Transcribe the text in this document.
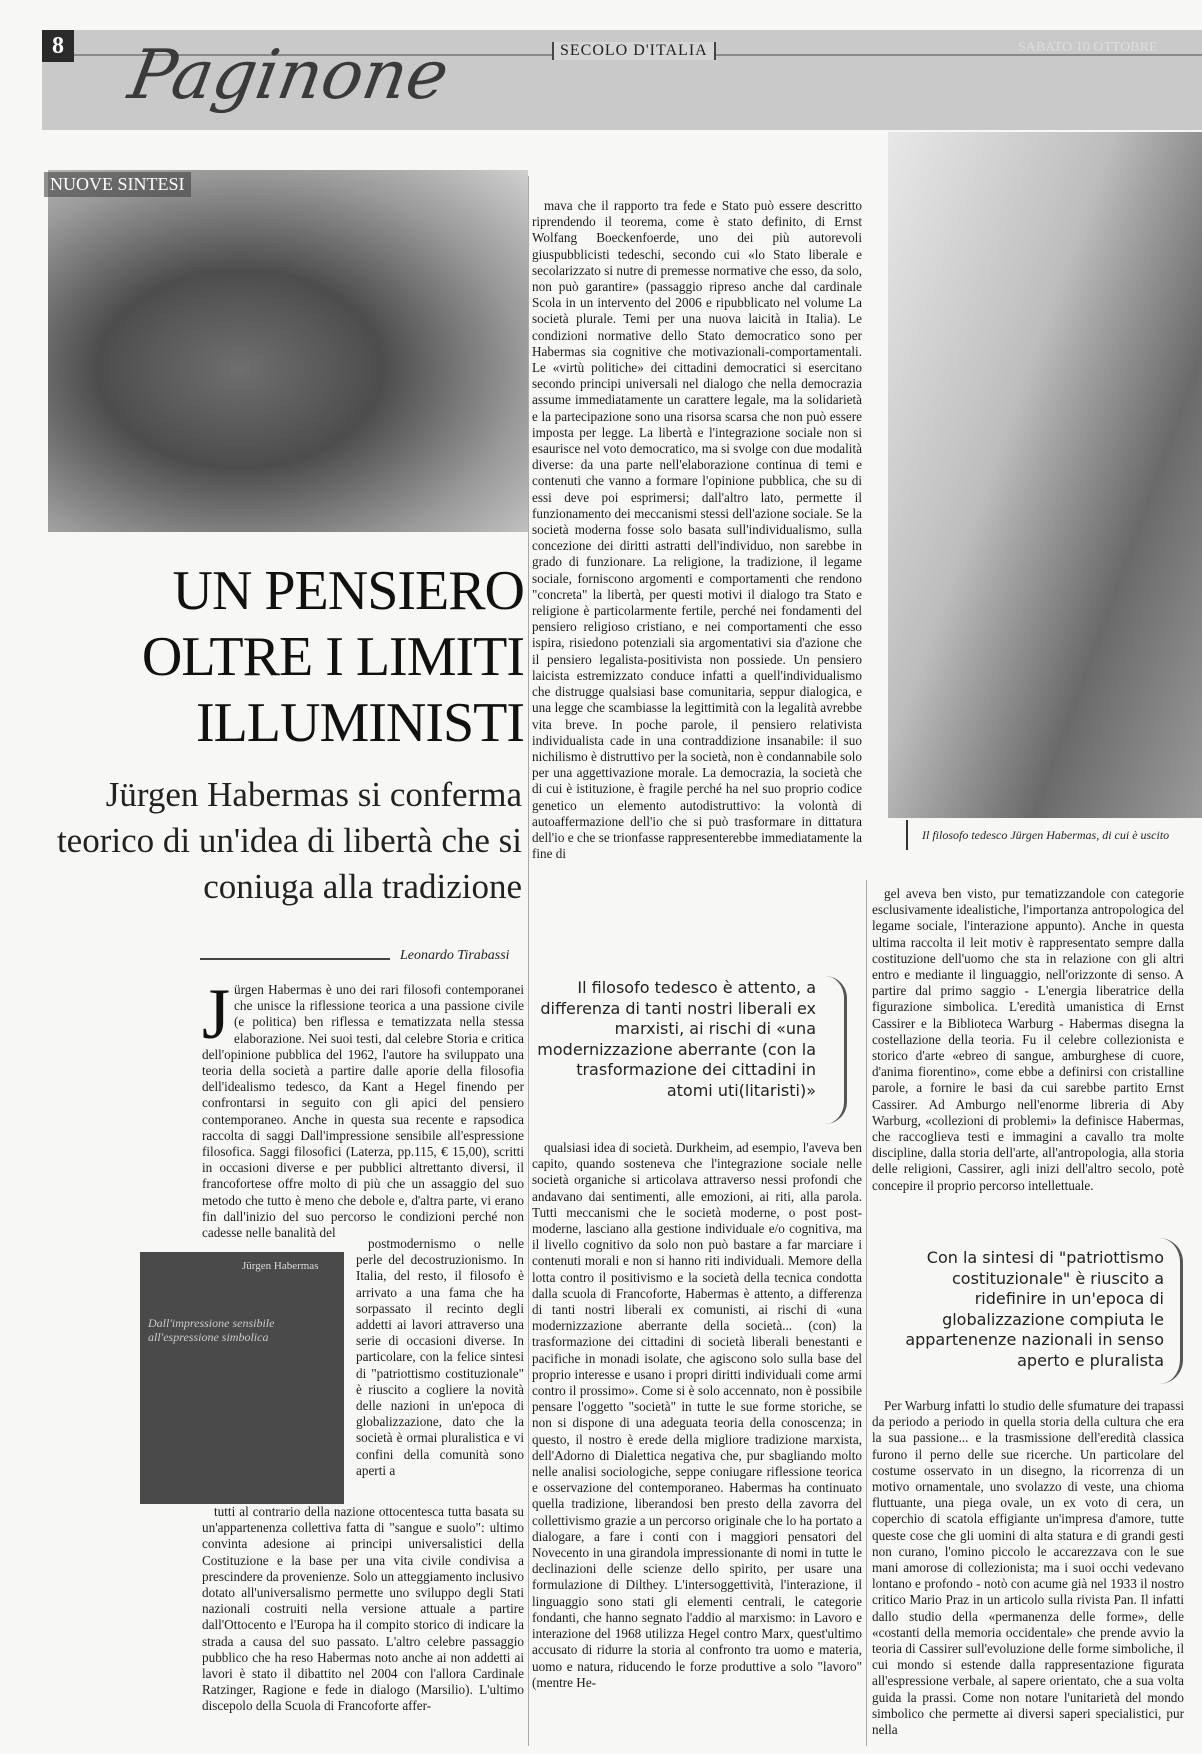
8 Paginone	SECOLO D'ITALIA	SABATO 10 OTTOBRE
NUOVE SINTESI
Il filosofo tedesco Jürgen Habermas, di cui è uscito
UN PENSIERO OLTRE I LIMITI ILLUMINISTI
Jürgen Habermas si conferma teorico di un'idea di libertà che si coniuga alla tradizione
Leonardo Tirabassi
J ürgen Habermas è uno dei rari filosofi contemporanei che unisce la riflessione teorica a una passione civile (e politica) ben riflessa e tematizzata nella stessa elaborazione. Nei suoi testi, dal celebre Storia e critica dell'opinione pubblica del 1962, l'autore ha sviluppato una teoria della società a partire dalle aporie della filosofia dell'idealismo tedesco, da Kant a Hegel finendo per confrontarsi in seguito con gli apici del pensiero contemporaneo. Anche in questa sua recente e rapsodica raccolta di saggi Dall'impressione sensibile all'espressione filosofica. Saggi filosofici (Laterza, pp.115, € 15,00), scritti in occasioni diverse e per pubblici altrettanto diversi, il francofortese offre molto di più che un assaggio del suo metodo che tutto è meno che debole e, d'altra parte, vi erano fin dall'inizio del suo percorso le condizioni perché non cadesse nelle banalità del
Jürgen Habermas
Dall'impressione sensibile all'espressione simbolica

postmodernismo o nelle perle del decostruzionismo. In Italia, del resto, il filosofo è arrivato a una fama che ha sorpassato il recinto degli addetti ai lavori attraverso una serie di occasioni diverse. In particolare, con la felice sintesi di "patriottismo costituzionale" è riuscito a cogliere la novità delle nazioni in un'epoca di globalizzazione, dato che la società è ormai pluralistica e vi confini della comunità sono aperti a

tutti al contrario della nazione ottocentesca tutta basata su un'appartenenza collettiva fatta di "sangue e suolo": ultimo convinta adesione ai principi universalistici della Costituzione e la base per una vita civile condivisa a prescindere da provenienze. Solo un atteggiamento inclusivo dotato all'universalismo permette uno sviluppo degli Stati nazionali costruiti nella versione attuale a partire dall'Ottocento e l'Europa ha il compito storico di indicare la strada a causa del suo passato. L'altro celebre passaggio pubblico che ha reso Habermas noto anche ai non addetti ai lavori è stato il dibattito nel 2004 con l'allora Cardinale Ratzinger, Ragione e fede in dialogo (Marsilio). L'ultimo discepolo della Scuola di Francoforte affer-

mava che il rapporto tra fede e Stato può essere descritto riprendendo il teorema, come è stato definito, di Ernst Wolfang Boeckenfoerde, uno dei più autorevoli giuspubblicisti tedeschi, secondo cui «lo Stato liberale e secolarizzato si nutre di premesse normative che esso, da solo, non può garantire» (passaggio ripreso anche dal cardinale Scola in un intervento del 2006 e ripubblicato nel volume La società plurale. Temi per una nuova laicità in Italia). Le condizioni normative dello Stato democratico sono per Habermas sia cognitive che motivazionali-comportamentali. Le «virtù politiche» dei cittadini democratici si esercitano secondo principi universali nel dialogo che nella democrazia assume immediatamente un carattere legale, ma la solidarietà e la partecipazione sono una risorsa scarsa che non può essere imposta per legge. La libertà e l'integrazione sociale non si esaurisce nel voto democratico, ma si svolge con due modalità diverse: da una parte nell'elaborazione continua di temi e contenuti che vanno a formare l'opinione pubblica, che su di essi deve poi esprimersi; dall'altro lato, permette il funzionamento dei meccanismi stessi dell'azione sociale. Se la società moderna fosse solo basata sull'individualismo, sulla concezione dei diritti astratti dell'individuo, non sarebbe in grado di funzionare. La religione, la tradizione, il legame sociale, forniscono argomenti e comportamenti che rendono "concreta" la libertà, per questi motivi il dialogo tra Stato e religione è particolarmente fertile, perché nei fondamenti del pensiero religioso cristiano, e nei comportamenti che esso ispira, risiedono potenziali sia argomentativi sia d'azione che il pensiero legalista-positivista non possiede. Un pensiero laicista estremizzato conduce infatti a quell'individualismo che distrugge qualsiasi base comunitaria, seppur dialogica, e una legge che scambiasse la legittimità con la legalità avrebbe vita breve. In poche parole, il pensiero relativista individualista cade in una contraddizione insanabile: il suo nichilismo è distruttivo per la società, non è condannabile solo per una aggettivazione morale. La democrazia, la società che di cui è istituzione, è fragile perché ha nel suo proprio codice genetico un elemento autodistruttivo: la volontà di autoaffermazione dell'io che si può trasformare in dittatura dell'io e che se trionfasse rappresenterebbe immediatamente la fine di

Il filosofo tedesco è attento, a differenza di tanti nostri liberali ex marxisti, ai rischi di «una modernizzazione aberrante (con la trasformazione dei cittadini in atomi uti(litaristi)»

qualsiasi idea di società. Durkheim, ad esempio, l'aveva ben capito, quando sosteneva che l'integrazione sociale nelle società organiche si articolava attraverso nessi profondi che andavano dai sentimenti, alle emozioni, ai riti, alla parola. Tutti meccanismi che le società moderne, o post post-moderne, lasciano alla gestione individuale e/o cognitiva, ma il livello cognitivo da solo non può bastare a far marciare i contenuti morali e non si hanno riti individuali. Memore della lotta contro il positivismo e la società della tecnica condotta dalla scuola di Francoforte, Habermas è attento, a differenza di tanti nostri liberali ex comunisti, ai rischi di «una modernizzazione aberrante della società... (con) la trasformazione dei cittadini di società liberali benestanti e pacifiche in monadi isolate, che agiscono solo sulla base del proprio interesse e usano i propri diritti individuali come armi contro il prossimo». Come si è solo accennato, non è possibile pensare l'oggetto "società" in tutte le sue forme storiche, se non si dispone di una adeguata teoria della conoscenza; in questo, il nostro è erede della migliore tradizione marxista, dell'Adorno di Dialettica negativa che, pur sbagliando molto nelle analisi sociologiche, seppe coniugare riflessione teorica e osservazione del contemporaneo. Habermas ha continuato quella tradizione, liberandosi ben presto della zavorra del collettivismo grazie a un percorso originale che lo ha portato a dialogare, a fare i conti con i maggiori pensatori del Novecento in una girandola impressionante di nomi in tutte le declinazioni delle scienze dello spirito, per usare una formulazione di Dilthey. L'intersoggettività, l'interazione, il linguaggio sono stati gli elementi centrali, le categorie fondanti, che hanno segnato l'addio al marxismo: in Lavoro e interazione del 1968 utilizza Hegel contro Marx, quest'ultimo accusato di ridurre la storia al confronto tra uomo e materia, uomo e natura, riducendo le forze produttive a solo "lavoro" (mentre He-

gel aveva ben visto, pur tematizzandole con categorie esclusivamente idealistiche, l'importanza antropologica del legame sociale, l'interazione appunto). Anche in questa ultima raccolta il leit motiv è rappresentato sempre dalla costituzione dell'uomo che sta in relazione con gli altri entro e mediante il linguaggio, nell'orizzonte di senso. A partire dal primo saggio - L'energia liberatrice della figurazione simbolica. L'eredità umanistica di Ernst Cassirer e la Biblioteca Warburg - Habermas disegna la costellazione della teoria. Fu il celebre collezionista e storico d'arte «ebreo di sangue, amburghese di cuore, d'anima fiorentino», come ebbe a definirsi con cristalline parole, a fornire le basi da cui sarebbe partito Ernst Cassirer. Ad Amburgo nell'enorme libreria di Aby Warburg, «collezioni di problemi» la definisce Habermas, che raccoglieva testi e immagini a cavallo tra molte discipline, dalla storia dell'arte, all'antropologia, alla storia delle religioni, Cassirer, agli inizi dell'altro secolo, potè concepire il proprio percorso intellettuale.

Con la sintesi di "patriottismo costituzionale" è riuscito a ridefinire in un'epoca di globalizzazione compiuta le appartenenze nazionali in senso aperto e pluralista

Per Warburg infatti lo studio delle sfumature dei trapassi da periodo a periodo in quella storia della cultura che era la sua passione... e la trasmissione dell'eredità classica furono il perno delle sue ricerche. Un particolare del costume osservato in un disegno, la ricorrenza di un motivo ornamentale, uno svolazzo di veste, una chioma fluttuante, una piega ovale, un ex voto di cera, un coperchio di scatola effigiante un'impresa d'amore, tutte queste cose che gli uomini di alta statura e di grandi gesti non curano, l'omino piccolo le accarezzava con le sue mani amorose di collezionista; ma i suoi occhi vedevano lontano e profondo - notò con acume già nel 1933 il nostro critico Mario Praz in un articolo sulla rivista Pan. Il infatti dallo studio della «permanenza delle forme», delle «costanti della memoria occidentale» che prende avvio la teoria di Cassirer sull'evoluzione delle forme simboliche, il cui mondo si estende dalla rappresentazione figurata all'espressione verbale, al sapere orientato, che a sua volta guida la prassi. Come non notare l'unitarietà del mondo simbolico che permette ai diversi saperi specialistici, pur nella
